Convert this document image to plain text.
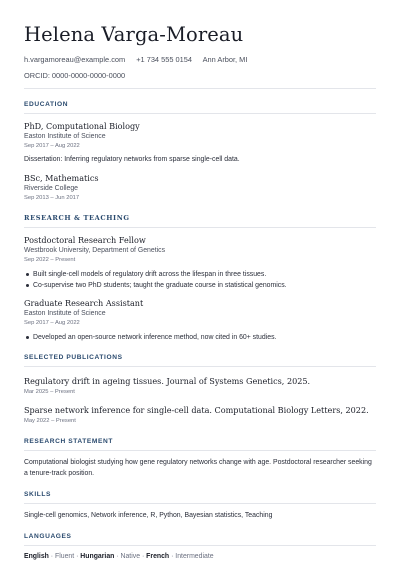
Helena Varga-Moreau
h.vargamoreau@example.com +1 734 555 0154 Ann Arbor, MI
ORCID: 0000-0000-0000-0000
EDUCATION
PhD, Computational Biology
Easton Institute of Science
Sep 2017 – Aug 2022
Dissertation: Inferring regulatory networks from sparse single-cell data.
BSc, Mathematics
Riverside College
Sep 2013 – Jun 2017
RESEARCH & TEACHING
Postdoctoral Research Fellow
Westbrook University, Department of Genetics
Sep 2022 – Present
Built single-cell models of regulatory drift across the lifespan in three tissues.
Co-supervise two PhD students; taught the graduate course in statistical genomics.
Graduate Research Assistant
Easton Institute of Science
Sep 2017 – Aug 2022
Developed an open-source network inference method, now cited in 60+ studies.
SELECTED PUBLICATIONS
Regulatory drift in ageing tissues. Journal of Systems Genetics, 2025.
Mar 2025 – Present
Sparse network inference for single-cell data. Computational Biology Letters, 2022.
May 2022 – Present
RESEARCH STATEMENT
Computational biologist studying how gene regulatory networks change with age. Postdoctoral researcher seeking a tenure-track position.
SKILLS
Single-cell genomics, Network inference, R, Python, Bayesian statistics, Teaching
LANGUAGES
English · Fluent · Hungarian · Native · French · Intermediate
